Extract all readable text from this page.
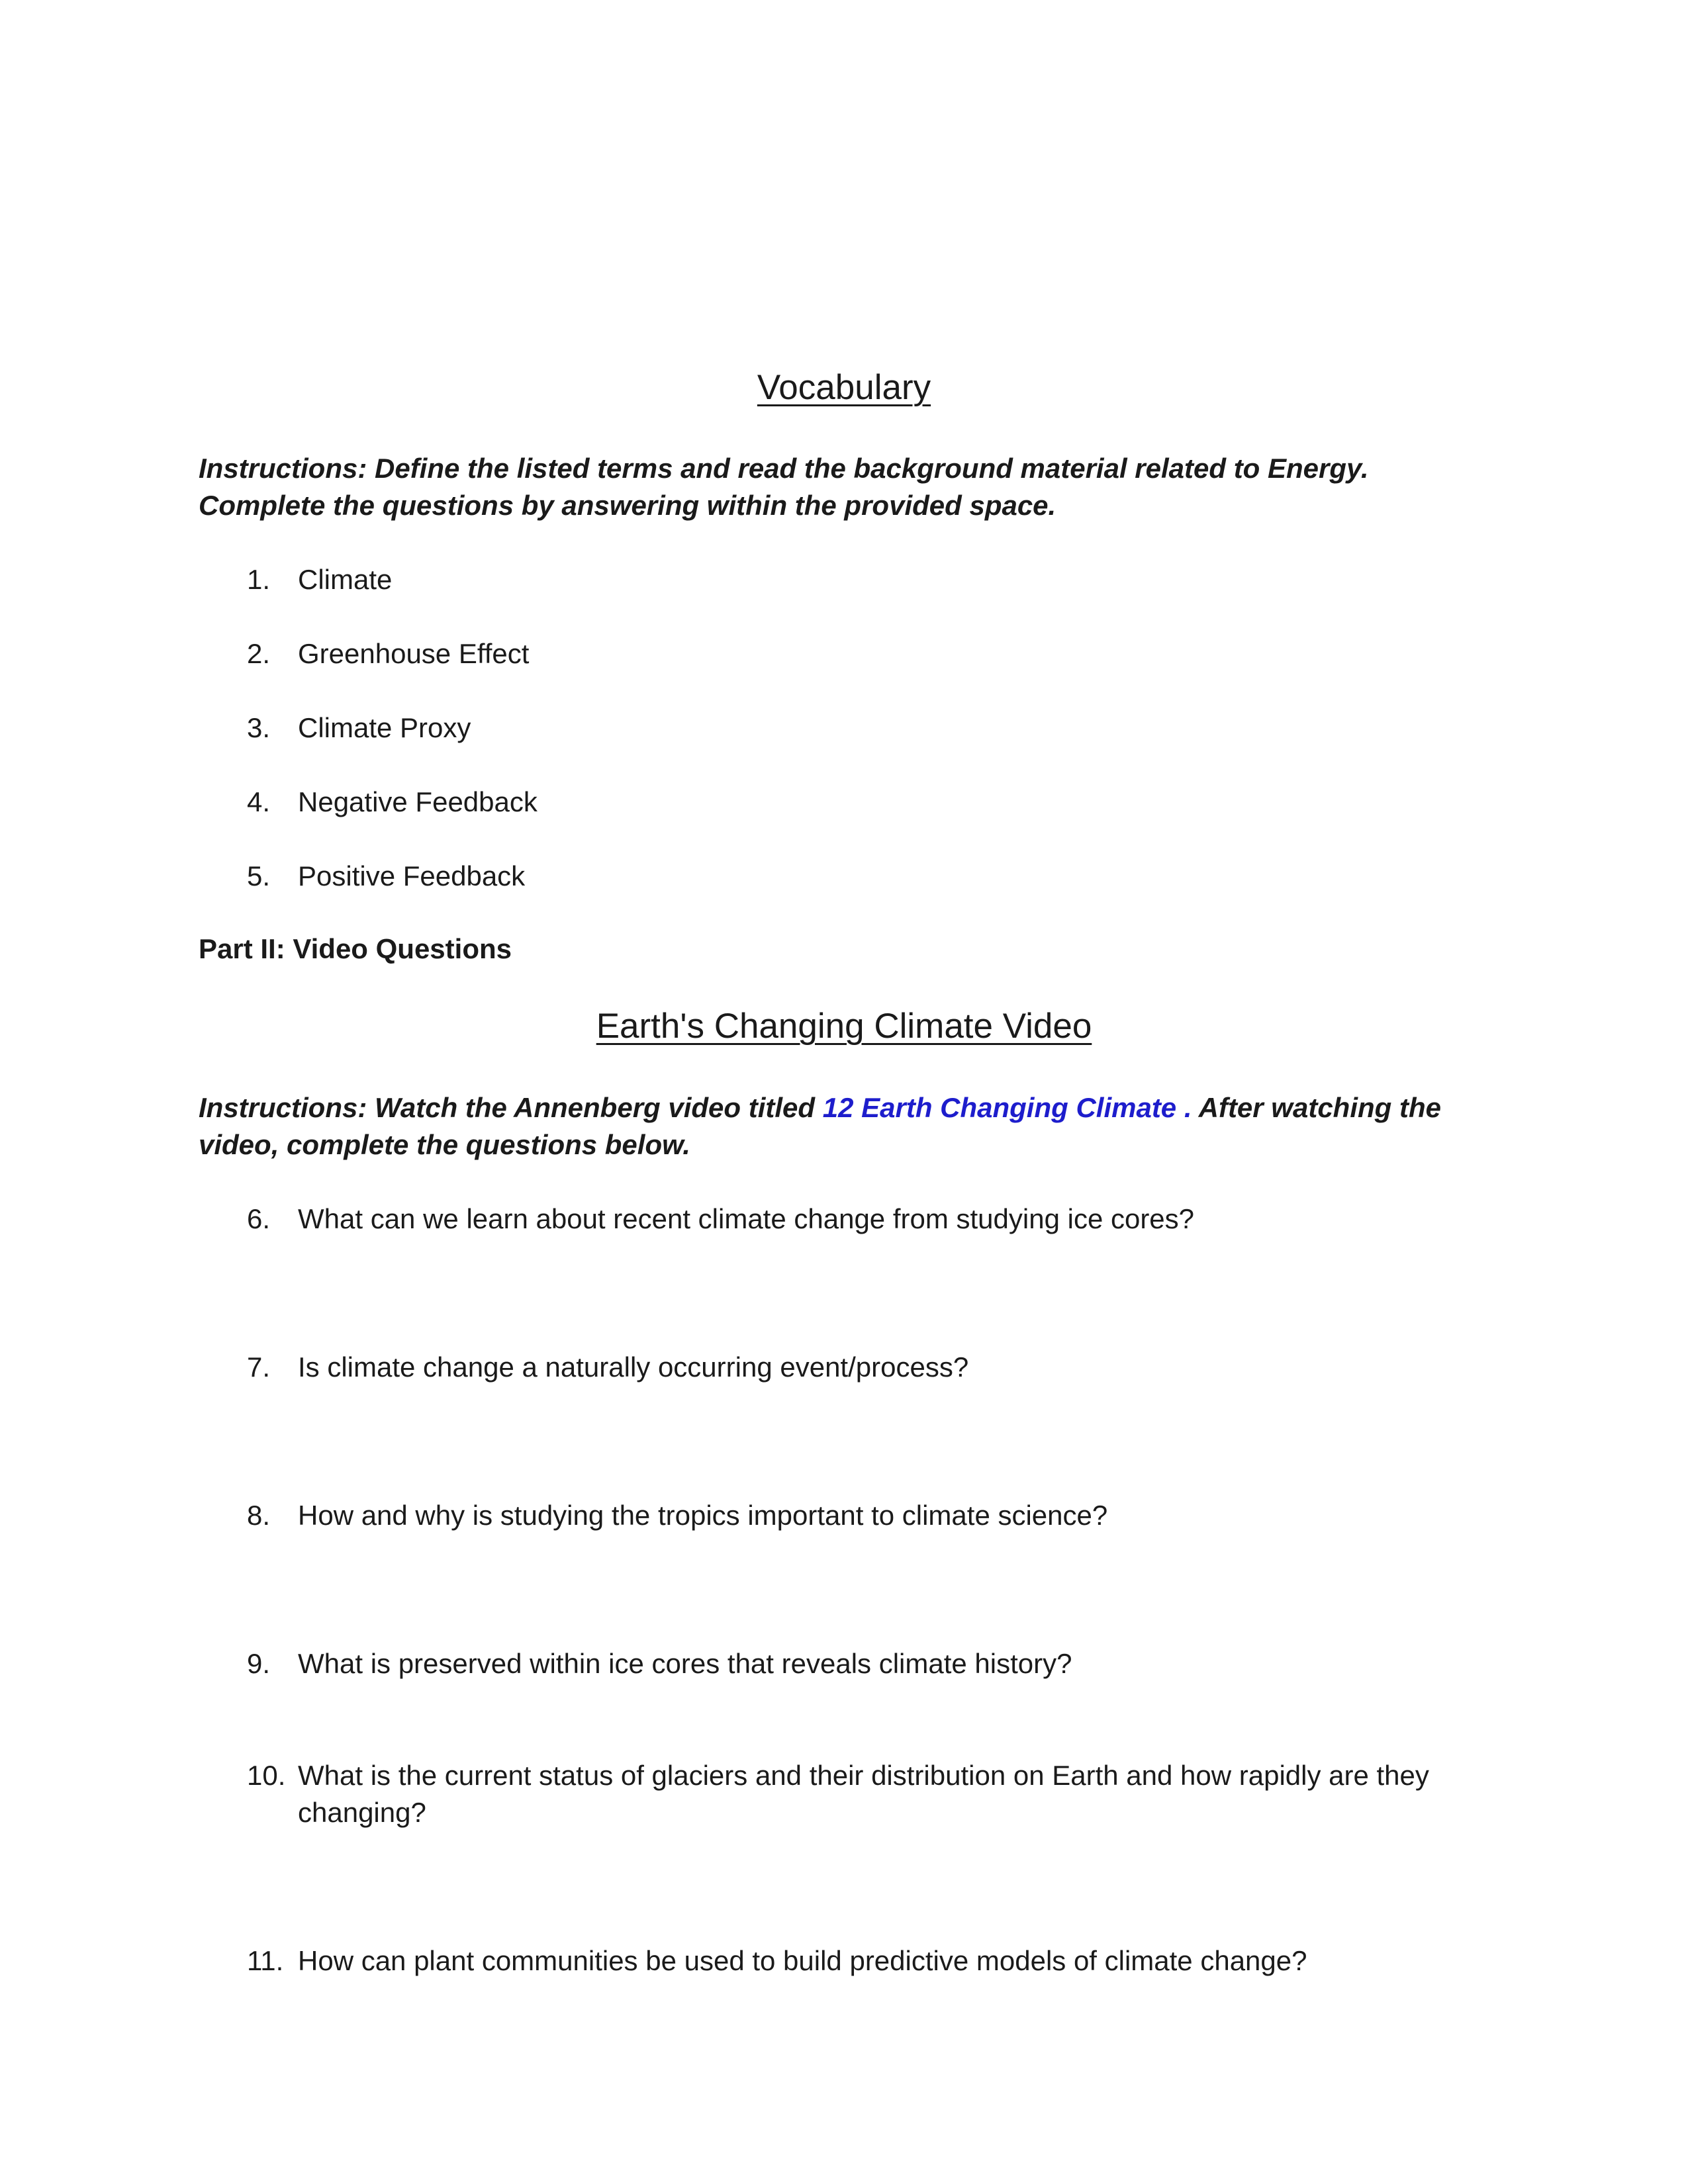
Vocabulary

Instructions: Define the listed terms and read the background material related to Energy. Complete the questions by answering within the provided space.

1. Climate
2. Greenhouse Effect
3. Climate Proxy
4. Negative Feedback
5. Positive Feedback

Part II: Video Questions

Earth's Changing Climate Video

Instructions: Watch the Annenberg video titled 12 Earth Changing Climate . After watching the video, complete the questions below.

6. What can we learn about recent climate change from studying ice cores?
7. Is climate change a naturally occurring event/process?
8. How and why is studying the tropics important to climate science?
9. What is preserved within ice cores that reveals climate history?
10. What is the current status of glaciers and their distribution on Earth and how rapidly are they changing?
11. How can plant communities be used to build predictive models of climate change?
